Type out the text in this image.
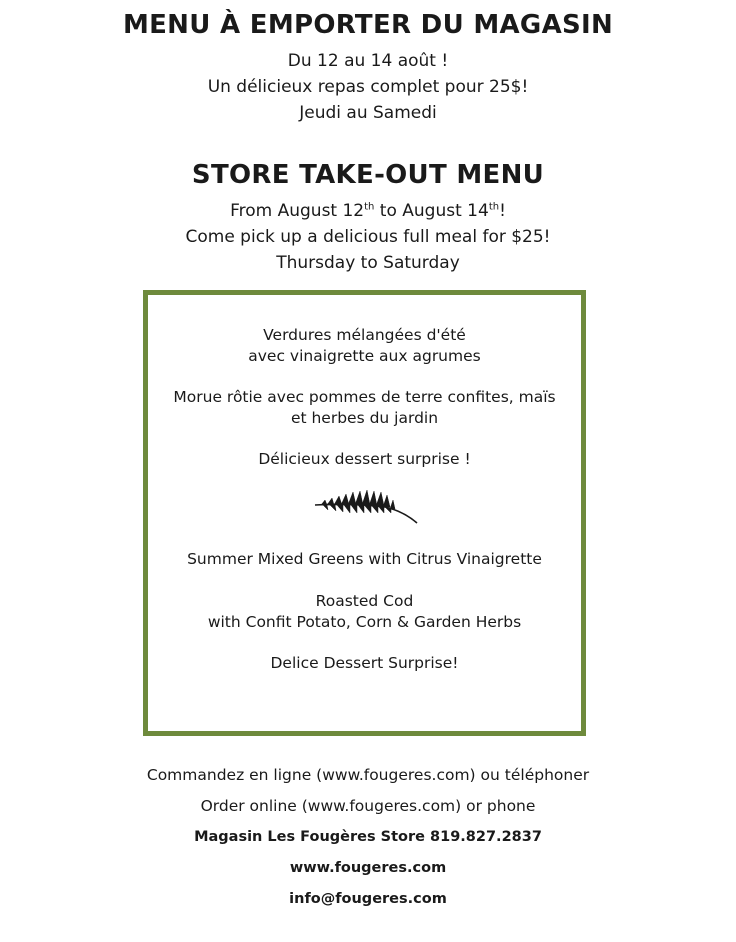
MENU À EMPORTER DU MAGASIN
Du 12 au 14 août !
Un délicieux repas complet pour 25$!
Jeudi au Samedi
STORE TAKE-OUT MENU
From August 12th to August 14th!
Come pick up a delicious full meal for $25!
Thursday to Saturday
Verdures mélangées d'été
avec vinaigrette aux agrumes
Morue rôtie avec pommes de terre confites, maïs
et herbes du jardin
Délicieux dessert surprise !
Summer Mixed Greens with Citrus Vinaigrette
Roasted Cod
with Confit Potato, Corn & Garden Herbs
Delice Dessert Surprise!
Commandez en ligne (www.fougeres.com) ou téléphoner
Order online (www.fougeres.com) or phone
Magasin Les Fougères Store 819.827.2837
www.fougeres.com
info@fougeres.com
